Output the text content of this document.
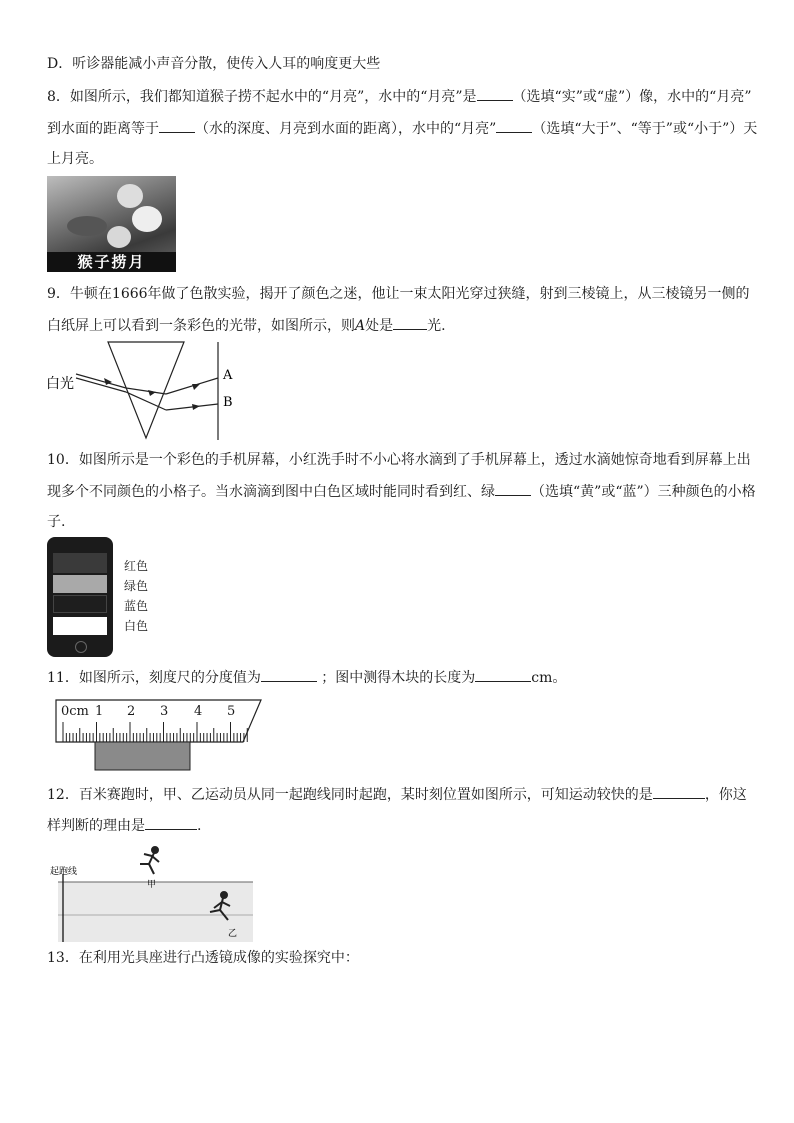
D．听诊器能减小声音分散，使传入人耳的响度更大些
8．如图所示，我们都知道猴子捞不起水中的“月亮”，水中的“月亮”是	（选填“实”或“虚”）像，水中的“月亮”
到水面的距离等于	（水的深度、月亮到水面的距离），水中的“月亮”	（选填“大于”、“等于”或“小于”）天
上月亮。
猴子捞月
9．牛顿在1666年做了色散实验，揭开了颜色之迷，他让一束太阳光穿过狭缝，射到三棱镜上，从三棱镜另一侧的
白纸屏上可以看到一条彩色的光带，如图所示，则A处是 光.
白光
A
B
10．如图所示是一个彩色的手机屏幕，小红洗手时不小心将水滴到了手机屏幕上，透过水滴她惊奇地看到屏幕上出
现多个不同颜色的小格子。当水滴滴到图中白色区域时能同时看到红、绿	（选填“黄”或“蓝”）三种颜色的小格
子.
红色
绿色
蓝色
白色
11．如图所示，刻度尺的分度值为	；图中测得木块的长度为	cm。
0cm 1 2 3 4 5
12．百米赛跑时，甲、乙运动员从同一起跑线同时起跑，某时刻位置如图所示，可知运动较快的是	，你这
样判断的理由是	.
起跑线
甲
乙
13．在利用光具座进行凸透镜成像的实验探究中：
